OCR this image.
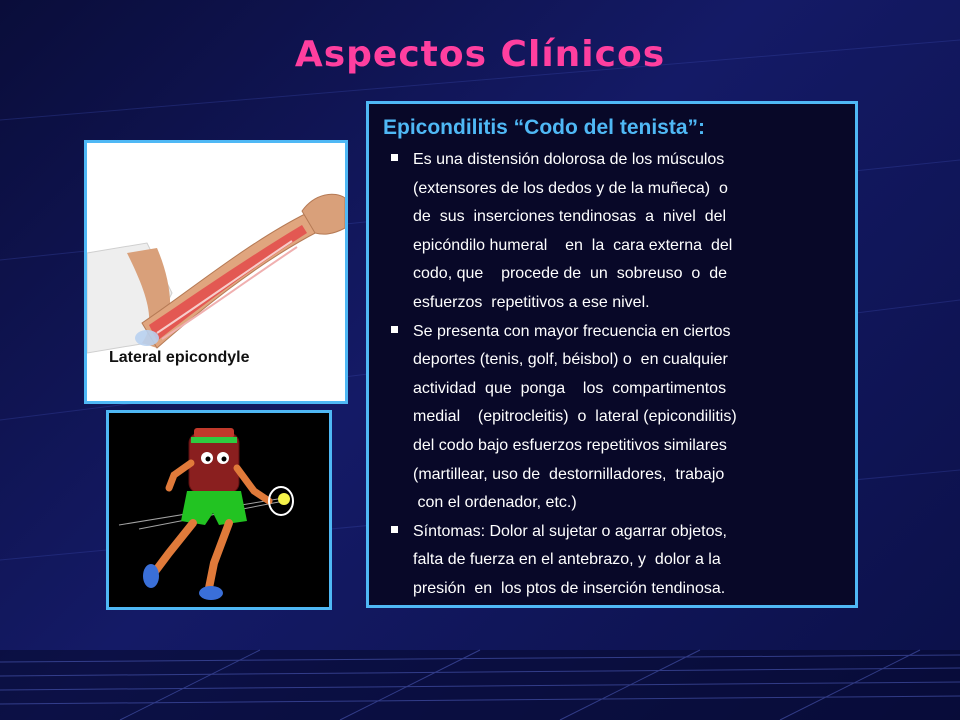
Aspectos Clínicos
Lateral epicondyle
Epicondilitis “Codo del tenista”:
Es una distensión dolorosa de los músculos
(extensores de los dedos y de la muñeca)  o
de  sus  inserciones tendinosas  a  nivel  del
epicóndilo humeral    en  la  cara externa  del
codo, que    procede de  un  sobreuso  o  de
esfuerzos  repetitivos a ese nivel.
Se presenta con mayor frecuencia en ciertos
deportes (tenis, golf, béisbol) o  en cualquier
actividad  que  ponga    los  compartimentos
medial    (epitrocleitis)  o  lateral (epicondilitis)
del codo bajo esfuerzos repetitivos similares
(martillear, uso de  destornilladores,  trabajo
con el ordenador, etc.)
Síntomas: Dolor al sujetar o agarrar objetos,
falta de fuerza en el antebrazo, y  dolor a la
presión  en  los ptos de inserción tendinosa.
